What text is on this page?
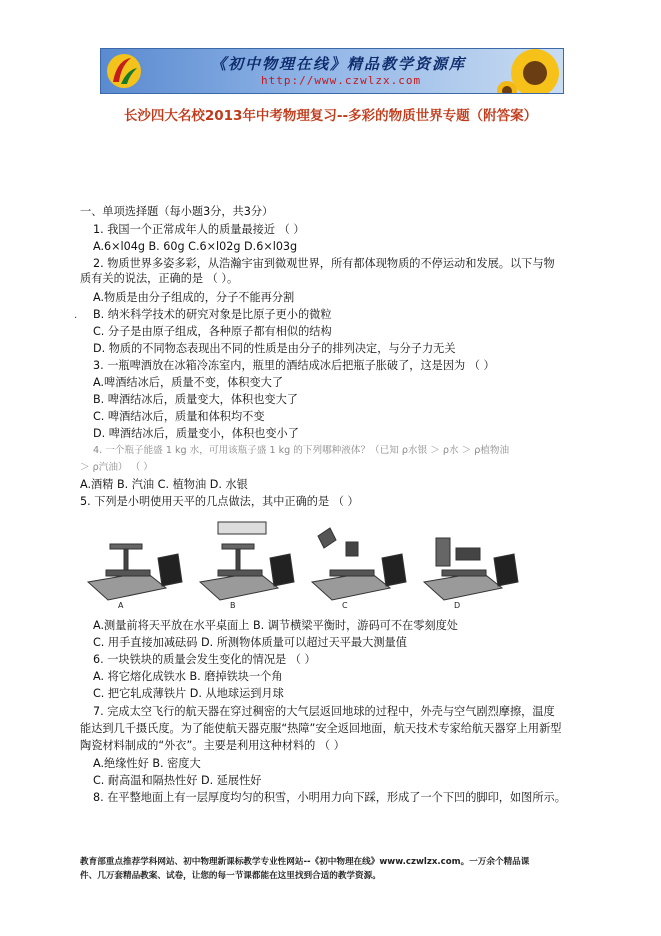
《初中物理在线》精品教学资源库
http://www.czwlzx.com
长沙四大名校2013年中考物理复习--多彩的物质世界专题（附答案）
一、单项选择题（每小题3分，共3分）
1. 我国一个正常成年人的质量最接近 （ ）
A.6×l04g B. 60g C.6×l02g D.6×l03g
2. 物质世界多姿多彩，从浩瀚宇宙到微观世界，所有都体现物质的不停运动和发展。以下与物
质有关的说法，正确的是 （ ）。
A.物质是由分子组成的，分子不能再分割
. B. 纳米科学技术的研究对象是比原子更小的微粒
C. 分子是由原子组成，各种原子都有相似的结构
D. 物质的不同物态表现出不同的性质是由分子的排列决定，与分子力无关
3. 一瓶啤酒放在冰箱冷冻室内，瓶里的酒结成冰后把瓶子胀破了，这是因为 （ ）
A.啤酒结冰后，质量不变，体积变大了
B. 啤酒结冰后，质量变大，体积也变大了
C. 啤酒结冰后，质量和体积均不变
D. 啤酒结冰后，质量变小，体积也变小了
4. 一个瓶子能盛 1 kg 水，可用该瓶子盛 1 kg 的下列哪种液体？（已知 ρ水银 ＞ ρ水 ＞ ρ植物油
＞ ρ汽油） （ ）
A.酒精 B. 汽油 C. 植物油 D. 水银
5. 下列是小明使用天平的几点做法，其中正确的是 （ ）
A	B	C	D
A.测量前将天平放在水平桌面上 B. 调节横梁平衡时，游码可不在零刻度处
C. 用手直接加减砝码 D. 所测物体质量可以超过天平最大测量值
6. 一块铁块的质量会发生变化的情况是 （ ）
A. 将它熔化成铁水 B. 磨掉铁块一个角
C. 把它轧成薄铁片 D. 从地球运到月球
7. 完成太空飞行的航天器在穿过稠密的大气层返回地球的过程中，外壳与空气剧烈摩擦，温度
能达到几千摄氏度。为了能使航天器克服“热障”安全返回地面，航天技术专家给航天器穿上用新型
陶瓷材料制成的“外衣”。主要是利用这种材料的 （ ）
A.绝缘性好 B. 密度大
C. 耐高温和隔热性好 D. 延展性好
8. 在平整地面上有一层厚度均匀的积雪，小明用力向下踩，形成了一个下凹的脚印，如图所示。
教育部重点推荐学科网站、初中物理新课标教学专业性网站--《初中物理在线》www.czwlzx.com。一万余个精品课
件、几万套精品教案、试卷，让您的每一节课都能在这里找到合适的教学资源。
